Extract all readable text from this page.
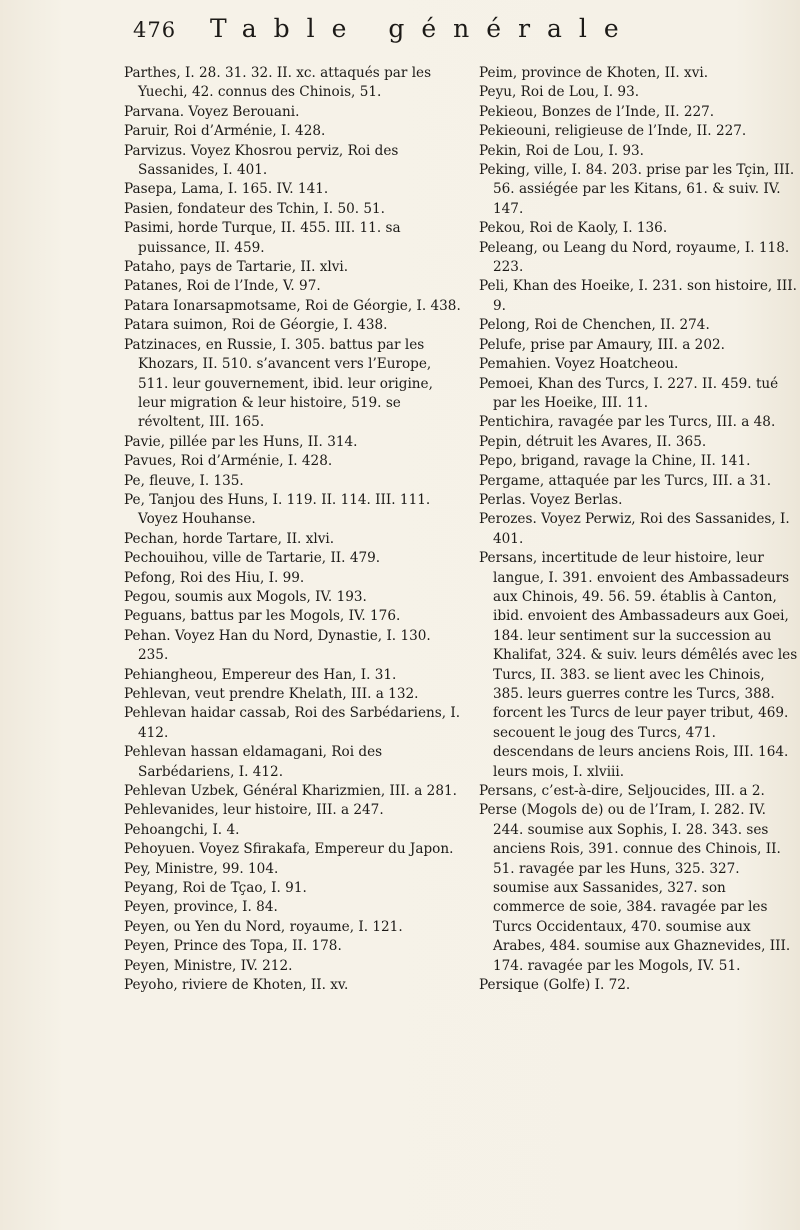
476 Table générale

Parthes, I. 28. 31. 32. II. xc. attaqués par les Yuechi, 42. connus des Chinois, 51.

Parvana. Voyez Berouani.

Paruir, Roi d’Arménie, I. 428.

Parvizus. Voyez Khosrou perviz, Roi des Sassanides, I. 401.

Pasepa, Lama, I. 165. IV. 141.

Pasien, fondateur des Tchin, I. 50. 51.

Pasimi, horde Turque, II. 455. III. 11. sa puissance, II. 459.

Pataho, pays de Tartarie, II. xlvi.

Patanes, Roi de l’Inde, V. 97.

Patara Ionarsapmotsame, Roi de Géorgie, I. 438.

Patara suimon, Roi de Géorgie, I. 438.

Patzinaces, en Russie, I. 305. battus par les Khozars, II. 510. s’avancent vers l’Europe, 511. leur gouvernement, ibid. leur origine, leur migration & leur histoire, 519. se révoltent, III. 165.

Pavie, pillée par les Huns, II. 314.

Pavues, Roi d’Arménie, I. 428.

Pe, fleuve, I. 135.

Pe, Tanjou des Huns, I. 119. II. 114. III. 111. Voyez Houhanse.

Pechan, horde Tartare, II. xlvi.

Pechouihou, ville de Tartarie, II. 479.

Pefong, Roi des Hiu, I. 99.

Pegou, soumis aux Mogols, IV. 193.

Peguans, battus par les Mogols, IV. 176.

Pehan. Voyez Han du Nord, Dynastie, I. 130. 235.

Pehiangheou, Empereur des Han, I. 31.

Pehlevan, veut prendre Khelath, III. a 132.

Pehlevan haidar cassab, Roi des Sarbédariens, I. 412.

Pehlevan hassan eldamagani, Roi des Sarbédariens, I. 412.

Pehlevan Uzbek, Général Kharizmien, III. a 281.

Pehlevanides, leur histoire, III. a 247.

Pehoangchi, I. 4.

Pehoyuen. Voyez Sfirakafa, Empereur du Japon.

Pey, Ministre, 99. 104.

Peyang, Roi de Tçao, I. 91.

Peyen, province, I. 84.

Peyen, ou Yen du Nord, royaume, I. 121.

Peyen, Prince des Topa, II. 178.

Peyen, Ministre, IV. 212.

Peyoho, riviere de Khoten, II. xv.

Peim, province de Khoten, II. xvi.

Peyu, Roi de Lou, I. 93.

Pekieou, Bonzes de l’Inde, II. 227.

Pekieouni, religieuse de l’Inde, II. 227.

Pekin, Roi de Lou, I. 93.

Peking, ville, I. 84. 203. prise par les Tçin, III. 56. assiégée par les Kitans, 61. & suiv. IV. 147.

Pekou, Roi de Kaoly, I. 136.

Peleang, ou Leang du Nord, royaume, I. 118. 223.

Peli, Khan des Hoeike, I. 231. son histoire, III. 9.

Pelong, Roi de Chenchen, II. 274.

Pelufe, prise par Amaury, III. a 202.

Pemahien. Voyez Hoatcheou.

Pemoei, Khan des Turcs, I. 227. II. 459. tué par les Hoeike, III. 11.

Pentichira, ravagée par les Turcs, III. a 48.

Pepin, détruit les Avares, II. 365.

Pepo, brigand, ravage la Chine, II. 141.

Pergame, attaquée par les Turcs, III. a 31.

Perlas. Voyez Berlas.

Perozes. Voyez Perwiz, Roi des Sassanides, I. 401.

Persans, incertitude de leur histoire, leur langue, I. 391. envoient des Ambassadeurs aux Chinois, 49. 56. 59. établis à Canton, ibid. envoient des Ambassadeurs aux Goei, 184. leur sentiment sur la succession au Khalifat, 324. & suiv. leurs démêlés avec les Turcs, II. 383. se lient avec les Chinois, 385. leurs guerres contre les Turcs, 388. forcent les Turcs de leur payer tribut, 469. secouent le joug des Turcs, 471. descendans de leurs anciens Rois, III. 164. leurs mois, I. xlviii.

Persans, c’est-à-dire, Seljoucides, III. a 2.

Perse (Mogols de) ou de l’Iram, I. 282. IV. 244. soumise aux Sophis, I. 28. 343. ses anciens Rois, 391. connue des Chinois, II. 51. ravagée par les Huns, 325. 327. soumise aux Sassanides, 327. son commerce de soie, 384. ravagée par les Turcs Occidentaux, 470. soumise aux Arabes, 484. soumise aux Ghaznevides, III. 174. ravagée par les Mogols, IV. 51.

Persique (Golfe) I. 72.
